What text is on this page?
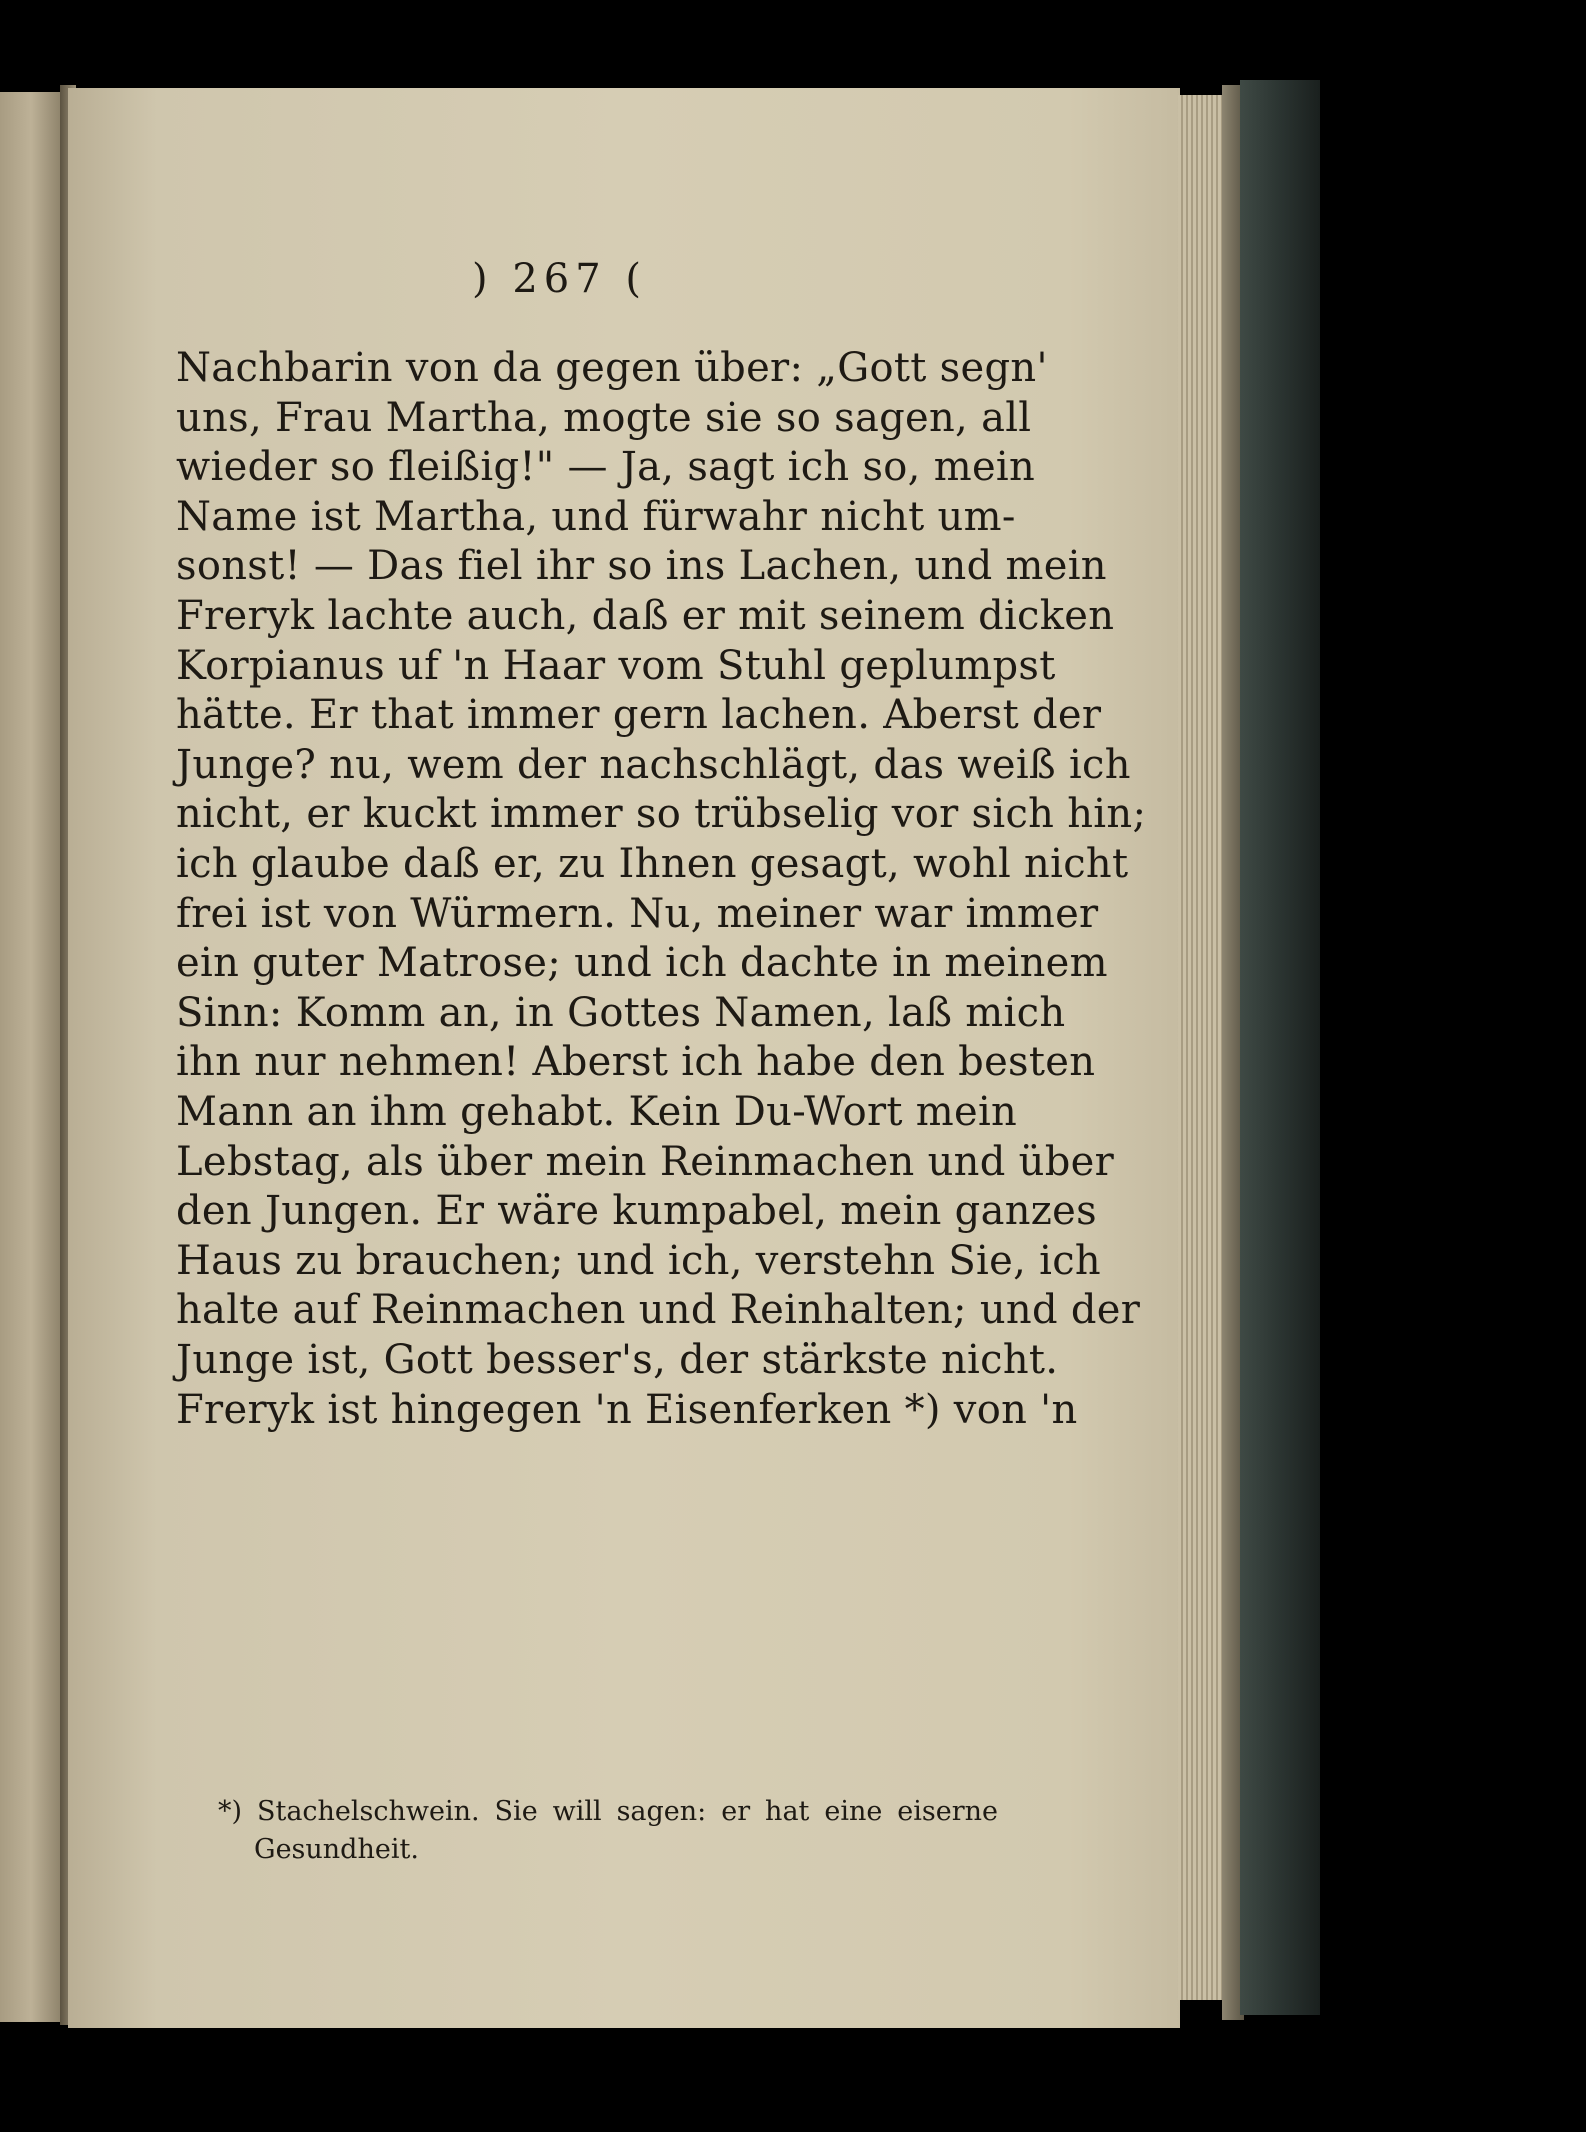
) 267 (
Nachbarin von da gegen über: „Gott segn'
uns, Frau Martha, mogte sie so sagen, all
wieder so fleißig!" — Ja, sagt ich so, mein
Name ist Martha, und fürwahr nicht um-
sonst! — Das fiel ihr so ins Lachen, und mein
Freryk lachte auch, daß er mit seinem dicken
Korpianus uf 'n Haar vom Stuhl geplumpst
hätte. Er that immer gern lachen. Aberst der
Junge? nu, wem der nachschlägt, das weiß ich
nicht, er kuckt immer so trübselig vor sich hin;
ich glaube daß er, zu Ihnen gesagt, wohl nicht
frei ist von Würmern. Nu, meiner war immer
ein guter Matrose; und ich dachte in meinem
Sinn: Komm an, in Gottes Namen, laß mich
ihn nur nehmen! Aberst ich habe den besten
Mann an ihm gehabt. Kein Du-Wort mein
Lebstag, als über mein Reinmachen und über
den Jungen. Er wäre kumpabel, mein ganzes
Haus zu brauchen; und ich, verstehn Sie, ich
halte auf Reinmachen und Reinhalten; und der
Junge ist, Gott besser's, der stärkste nicht.
Freryk ist hingegen 'n Eisenferken *) von 'n
*) Stachelschwein. Sie will sagen: er hat eine eiserne
Gesundheit.
